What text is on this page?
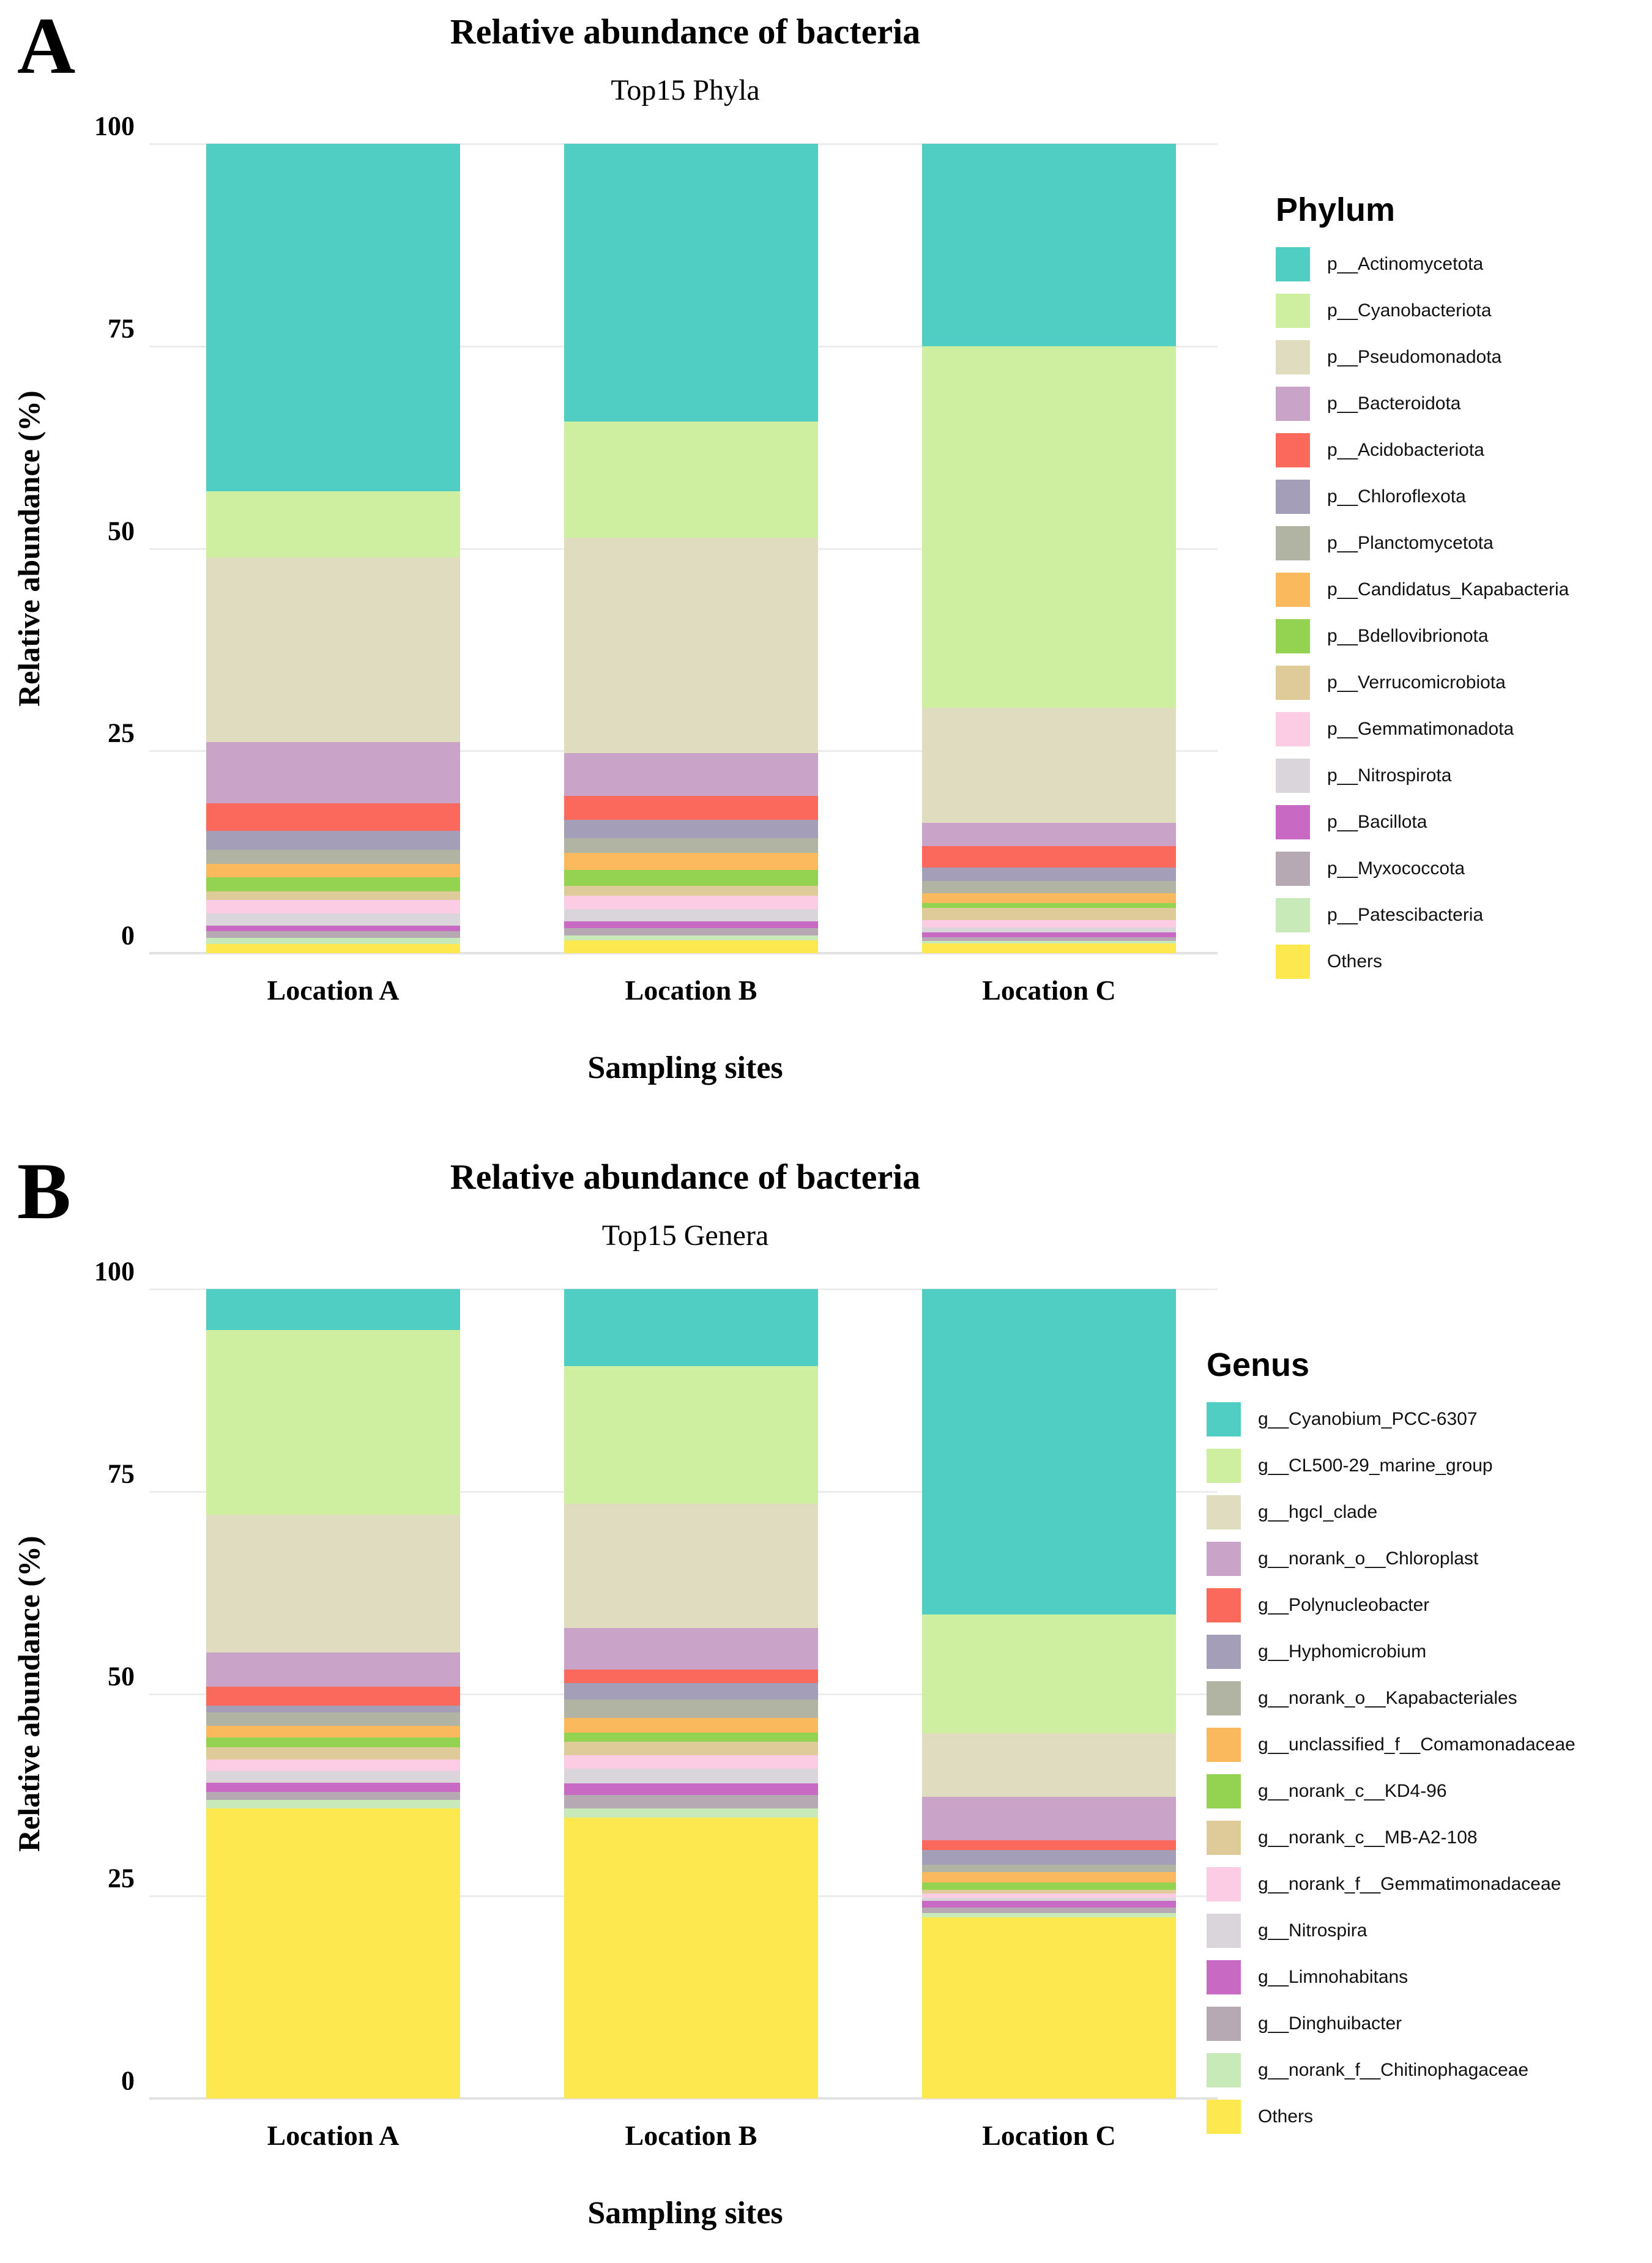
A	Relative abundance of bacteria
Top15 Phyla
Relative abundance (%)
0
25
50
75
100
Location A	Location B	Location C
Sampling sites
Phylum
p__Actinomycetota
p__Cyanobacteriota
p__Pseudomonadota
p__Bacteroidota
p__Acidobacteriota
p__Chloroflexota
p__Planctomycetota
p__Candidatus_Kapabacteria
p__Bdellovibrionota
p__Verrucomicrobiota
p__Gemmatimonadota
p__Nitrospirota
p__Bacillota
p__Myxococcota
p__Patescibacteria
Others
B	Relative abundance of bacteria
Top15 Genera
Relative abundance (%)
0
25
50
75
100
Location A	Location B	Location C
Sampling sites
Genus
g__Cyanobium_PCC-6307
g__CL500-29_marine_group
g__hgcI_clade
g__norank_o__Chloroplast
g__Polynucleobacter
g__Hyphomicrobium
g__norank_o__Kapabacteriales
g__unclassified_f__Comamonadaceae
g__norank_c__KD4-96
g__norank_c__MB-A2-108
g__norank_f__Gemmatimonadaceae
g__Nitrospira
g__Limnohabitans
g__Dinghuibacter
g__norank_f__Chitinophagaceae
Others
